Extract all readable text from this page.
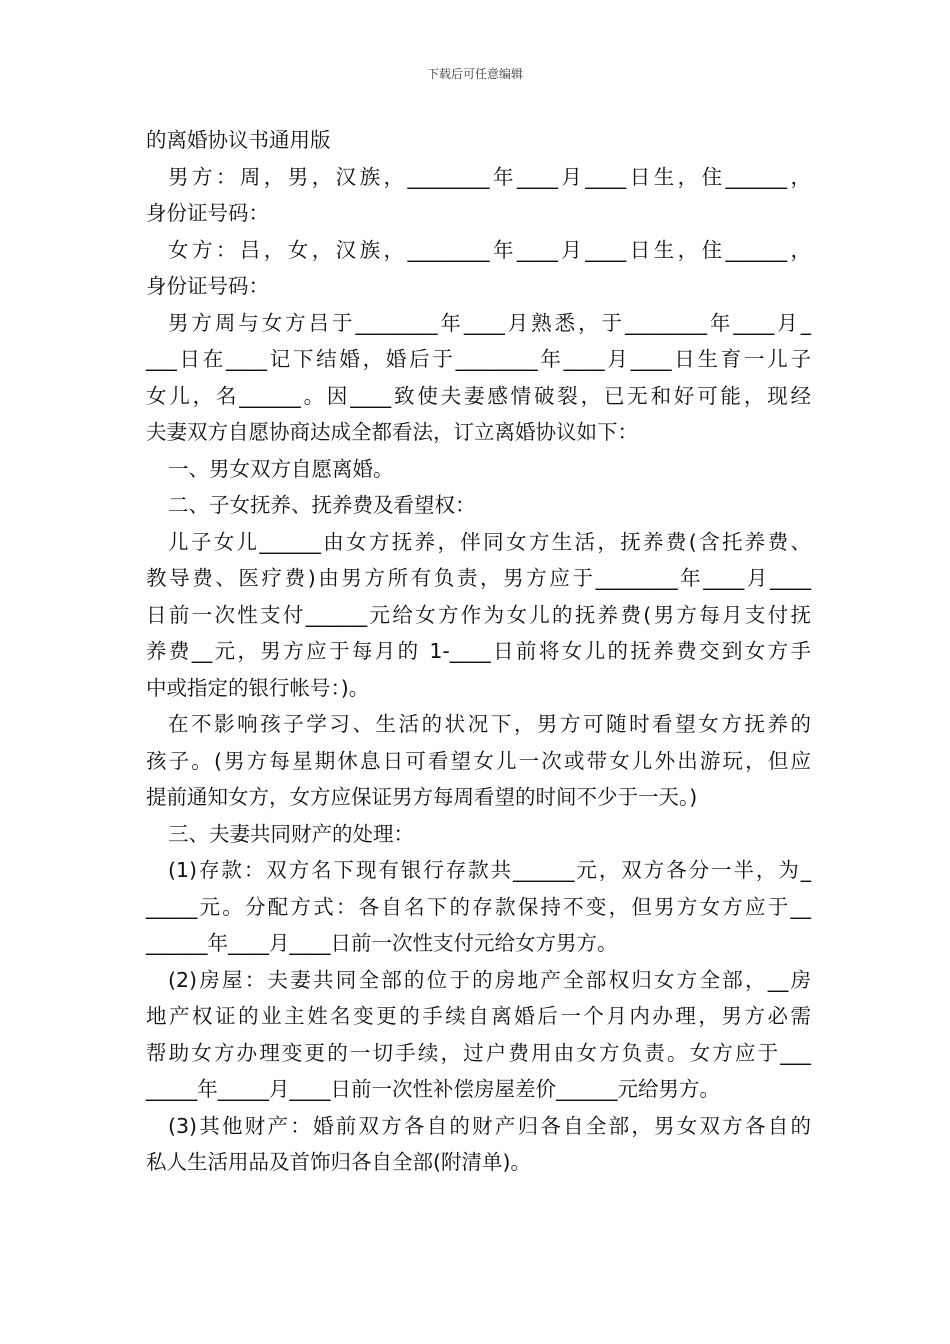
下载后可任意编辑
的离婚协议书通用版
男方：周，男，汉族，________年____月____日生，住______，
身份证号码：
女方：吕，女，汉族，________年____月____日生，住______，
身份证号码：
男方周与女方吕于________年____月熟悉，于________年____月_
___日在____记下结婚，婚后于________年____月____日生育一儿子
女儿，名______。因____致使夫妻感情破裂，已无和好可能，现经
夫妻双方自愿协商达成全都看法，订立离婚协议如下：
一、男女双方自愿离婚。
二、子女抚养、抚养费及看望权：
儿子女儿______由女方抚养，伴同女方生活，抚养费(含托养费、
教导费、医疗费)由男方所有负责，男方应于________年____月____
日前一次性支付______元给女方作为女儿的抚养费(男方每月支付抚
养费__元，男方应于每月的 1-____日前将女儿的抚养费交到女方手
中或指定的银行帐号：)。
在不影响孩子学习、生活的状况下，男方可随时看望女方抚养的
孩子。(男方每星期休息日可看望女儿一次或带女儿外出游玩，但应
提前通知女方，女方应保证男方每周看望的时间不少于一天。)
三、夫妻共同财产的处理：
(1)存款：双方名下现有银行存款共______元，双方各分一半，为_
_____元。分配方式：各自名下的存款保持不变，但男方女方应于__
______年____月____日前一次性支付元给女方男方。
(2)房屋：夫妻共同全部的位于的房地产全部权归女方全部，__房
地产权证的业主姓名变更的手续自离婚后一个月内办理，男方必需
帮助女方办理变更的一切手续，过户费用由女方负责。女方应于___
_____年_____月____日前一次性补偿房屋差价______元给男方。
(3)其他财产：婚前双方各自的财产归各自全部，男女双方各自的
私人生活用品及首饰归各自全部(附清单)。
